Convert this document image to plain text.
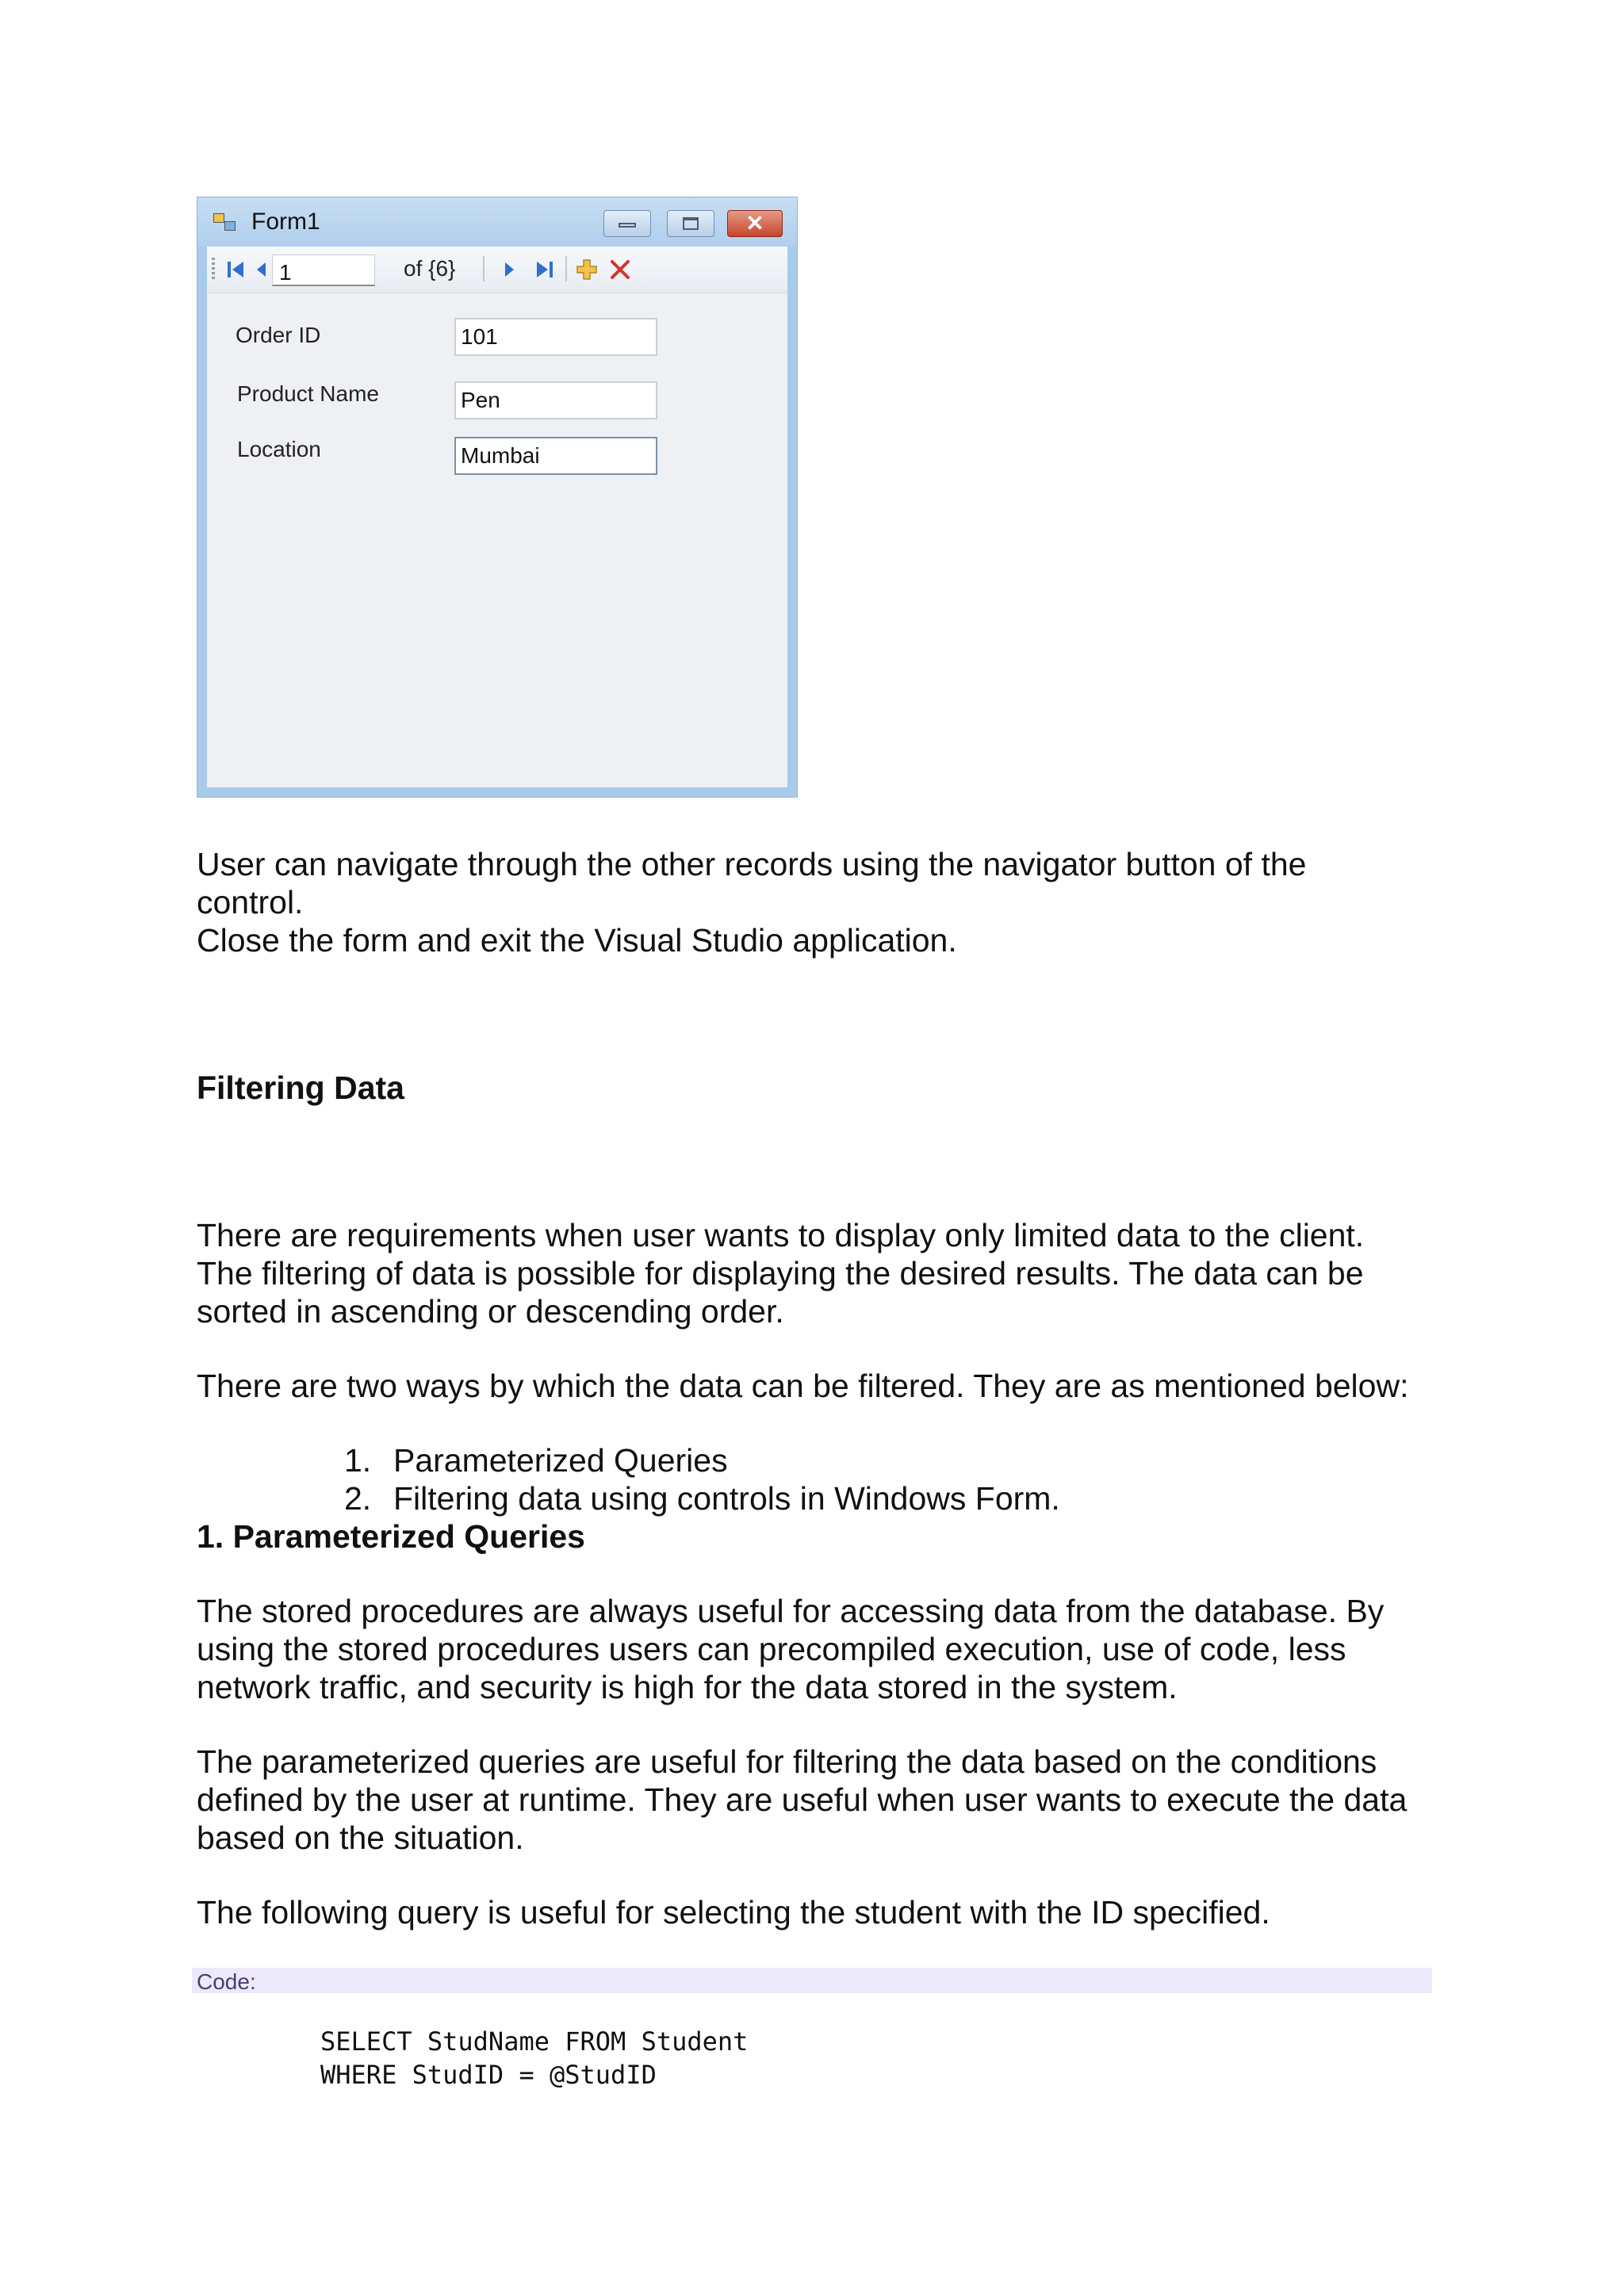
Form1	✕
1	of {6}
Order ID	101
Product Name	Pen
Location	Mumbai

User can navigate through the other records using the navigator button of the

control.

Close the form and exit the Visual Studio application.

Filtering Data

There are requirements when user wants to display only limited data to the client.

The filtering of data is possible for displaying the desired results. The data can be

sorted in ascending or descending order.

There are two ways by which the data can be filtered. They are as mentioned below:

1. Parameterized Queries
2. Filtering data using controls in Windows Form.

1. Parameterized Queries

The stored procedures are always useful for accessing data from the database. By

using the stored procedures users can precompiled execution, use of code, less

network traffic, and security is high for the data stored in the system.

The parameterized queries are useful for filtering the data based on the conditions

defined by the user at runtime. They are useful when user wants to execute the data

based on the situation.

The following query is useful for selecting the student with the ID specified.

Code:
SELECT StudName FROM Student
WHERE StudID = @StudID
